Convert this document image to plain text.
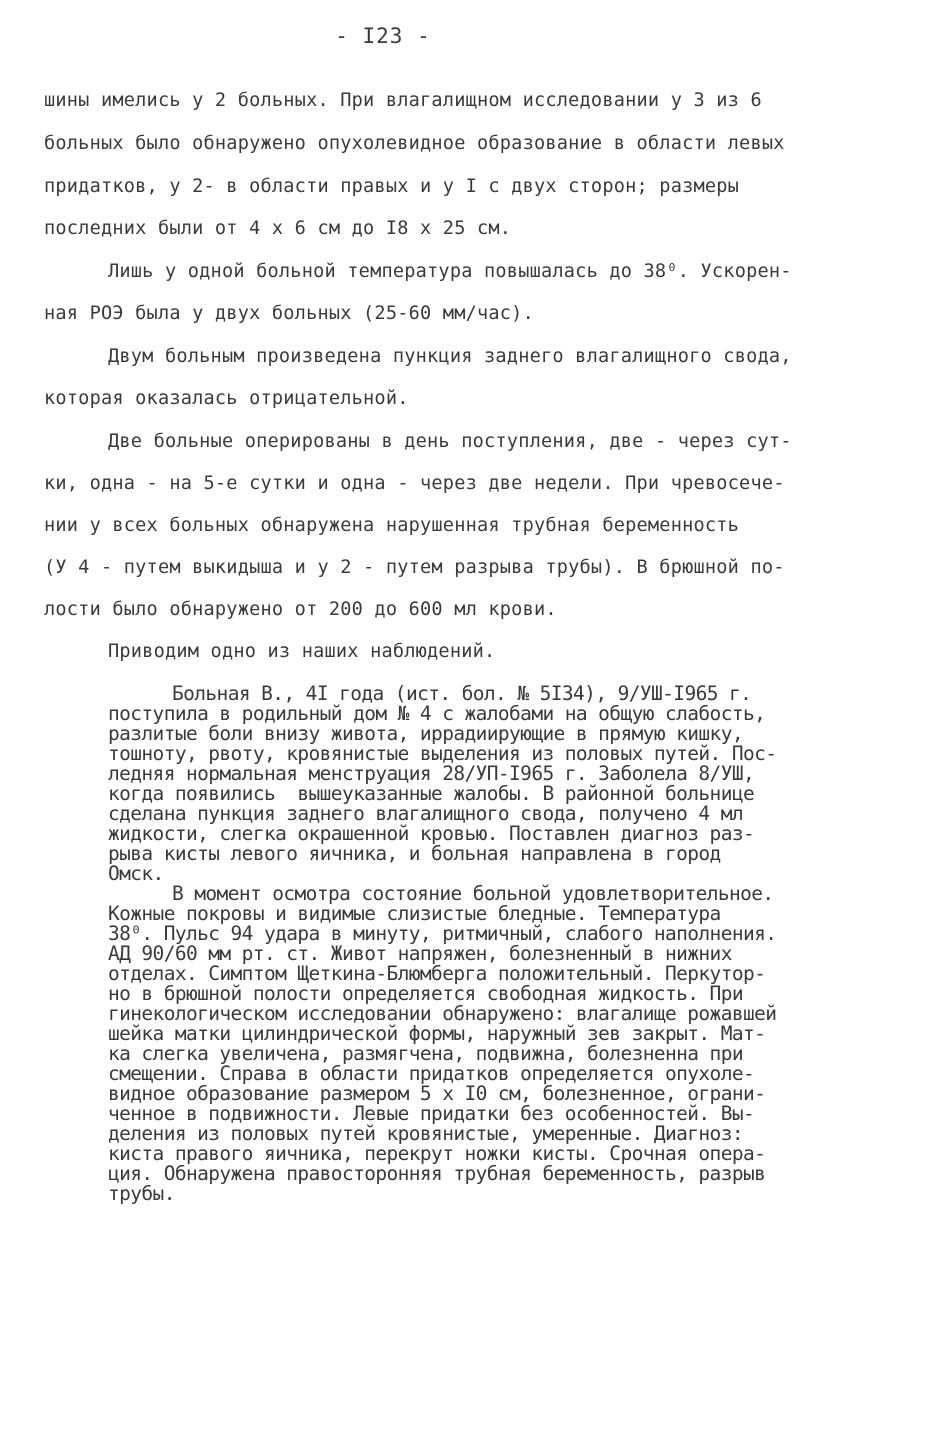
- I23 -
шины имелись у 2 больных. При влагалищном исследовании у 3 из 6
больных было обнаружено опухолевидное образование в области левых
придатков, у 2- в области правых и у I с двух сторон; размеры
последних были от 4 х 6 см до I8 х 25 см.
Лишь у одной больной температура повышалась до 38⁰. Ускорен-
ная РОЭ была у двух больных (25-60 мм/час).
Двум больным произведена пункция заднего влагалищного свода,
которая оказалась отрицательной.
Две больные оперированы в день поступления, две - через сут-
ки, одна - на 5-е сутки и одна - через две недели. При чревосече-
нии у всех больных обнаружена нарушенная трубная беременность
(У 4 - путем выкидыша и у 2 - путем разрыва трубы). В брюшной по-
лости было обнаружено от 200 до 600 мл крови.
Приводим одно из наших наблюдений.
Больная В., 4I года (ист. бол. № 5I34), 9/УШ-I965 г.
поступила в родильный дом № 4 с жалобами на общую слабость,
разлитые боли внизу живота, иррадиирующие в прямую кишку,
тошноту, рвоту, кровянистые выделения из половых путей. Пос-
ледняя нормальная менструация 28/УП-I965 г. Заболела 8/УШ,
когда появились  вышеуказанные жалобы. В районной больнице
сделана пункция заднего влагалищного свода, получено 4 мл
жидкости, слегка окрашенной кровью. Поставлен диагноз раз-
рыва кисты левого яичника, и больная направлена в город
Омск.
В момент осмотра состояние больной удовлетворительное.
Кожные покровы и видимые слизистые бледные. Температура
38⁰. Пульс 94 удара в минуту, ритмичный, слабого наполнения.
АД 90/60 мм рт. ст. Живот напряжен, болезненный в нижних
отделах. Симптом Щеткина-Блюмберга положительный. Перкутор-
но в брюшной полости определяется свободная жидкость. При
гинекологическом исследовании обнаружено: влагалище рожавшей
шейка матки цилиндрической формы, наружный зев закрыт. Мат-
ка слегка увеличена, размягчена, подвижна, болезненна при
смещении. Справа в области придатков определяется опухоле-
видное образование размером 5 х I0 см, болезненное, ограни-
ченное в подвижности. Левые придатки без особенностей. Вы-
деления из половых путей кровянистые, умеренные. Диагноз:
киста правого яичника, перекрут ножки кисты. Срочная опера-
ция. Обнаружена правосторонняя трубная беременность, разрыв
трубы.
